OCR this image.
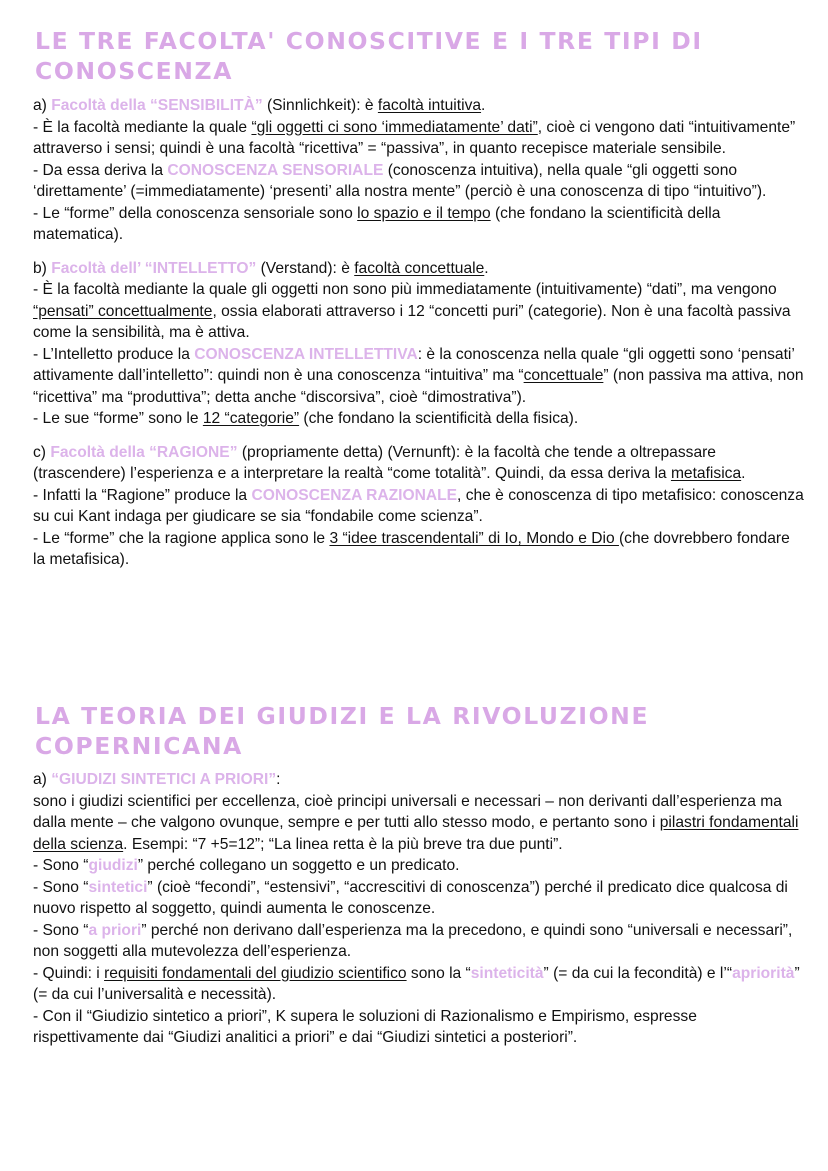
LE TRE FACOLTA' CONOSCITIVE E I TRE TIPI DI
CONOSCENZA

a) Facoltà della “SENSIBILITÀ” (Sinnlichkeit): è facoltà intuitiva.

- È la facoltà mediante la quale “gli oggetti ci sono ‘immediatamente’ dati”, cioè ci vengono dati “intuitivamente” attraverso i sensi; quindi è una facoltà “ricettiva” = “passiva”, in quanto recepisce materiale sensibile.

- Da essa deriva la CONOSCENZA SENSORIALE (conoscenza intuitiva), nella quale “gli oggetti sono ‘direttamente’ (=immediatamente) ‘presenti’ alla nostra mente” (perciò è una conoscenza di tipo “intuitivo”).

- Le “forme” della conoscenza sensoriale sono lo spazio e il tempo (che fondano la scientificità della matematica).

b) Facoltà dell’ “INTELLETTO” (Verstand): è facoltà concettuale.

- È la facoltà mediante la quale gli oggetti non sono più immediatamente (intuitivamente) “dati”, ma vengono “pensati” concettualmente, ossia elaborati attraverso i 12 “concetti puri” (categorie). Non è una facoltà passiva come la sensibilità, ma è attiva.

- L’Intelletto produce la CONOSCENZA INTELLETTIVA: è la conoscenza nella quale “gli oggetti sono ‘pensati’ attivamente dall’intelletto”: quindi non è una conoscenza “intuitiva” ma “concettuale” (non passiva ma attiva, non “ricettiva” ma “produttiva”; detta anche “discorsiva”, cioè “dimostrativa”).

- Le sue “forme” sono le 12 “categorie” (che fondano la scientificità della fisica).

c) Facoltà della “RAGIONE” (propriamente detta) (Vernunft): è la facoltà che tende a oltrepassare (trascendere) l’esperienza e a interpretare la realtà “come totalità”. Quindi, da essa deriva la metafisica.

- Infatti la “Ragione” produce la CONOSCENZA RAZIONALE, che è conoscenza di tipo metafisico: conoscenza su cui Kant indaga per giudicare se sia “fondabile come scienza”.

- Le “forme” che la ragione applica sono le 3 “idee trascendentali” di Io, Mondo e Dio (che dovrebbero fondare la metafisica).

LA TEORIA DEI GIUDIZI E LA RIVOLUZIONE
COPERNICANA

a) “GIUDIZI SINTETICI A PRIORI”:

sono i giudizi scientifici per eccellenza, cioè principi universali e necessari – non derivanti dall’esperienza ma dalla mente – che valgono ovunque, sempre e per tutti allo stesso modo, e pertanto sono i pilastri fondamentali della scienza. Esempi: “7 +5=12”; “La linea retta è la più breve tra due punti”.

- Sono “giudizi” perché collegano un soggetto e un predicato.

- Sono “sintetici” (cioè “fecondi”, “estensivi”, “accrescitivi di conoscenza”) perché il predicato dice qualcosa di nuovo rispetto al soggetto, quindi aumenta le conoscenze.

- Sono “a priori” perché non derivano dall’esperienza ma la precedono, e quindi sono “universali e necessari”, non soggetti alla mutevolezza dell’esperienza.

- Quindi: i requisiti fondamentali del giudizio scientifico sono la “sinteticità” (= da cui la fecondità) e l’“apriorità” (= da cui l’universalità e necessità).

- Con il “Giudizio sintetico a priori”, K supera le soluzioni di Razionalismo e Empirismo, espresse rispettivamente dai “Giudizi analitici a priori” e dai “Giudizi sintetici a posteriori”.
